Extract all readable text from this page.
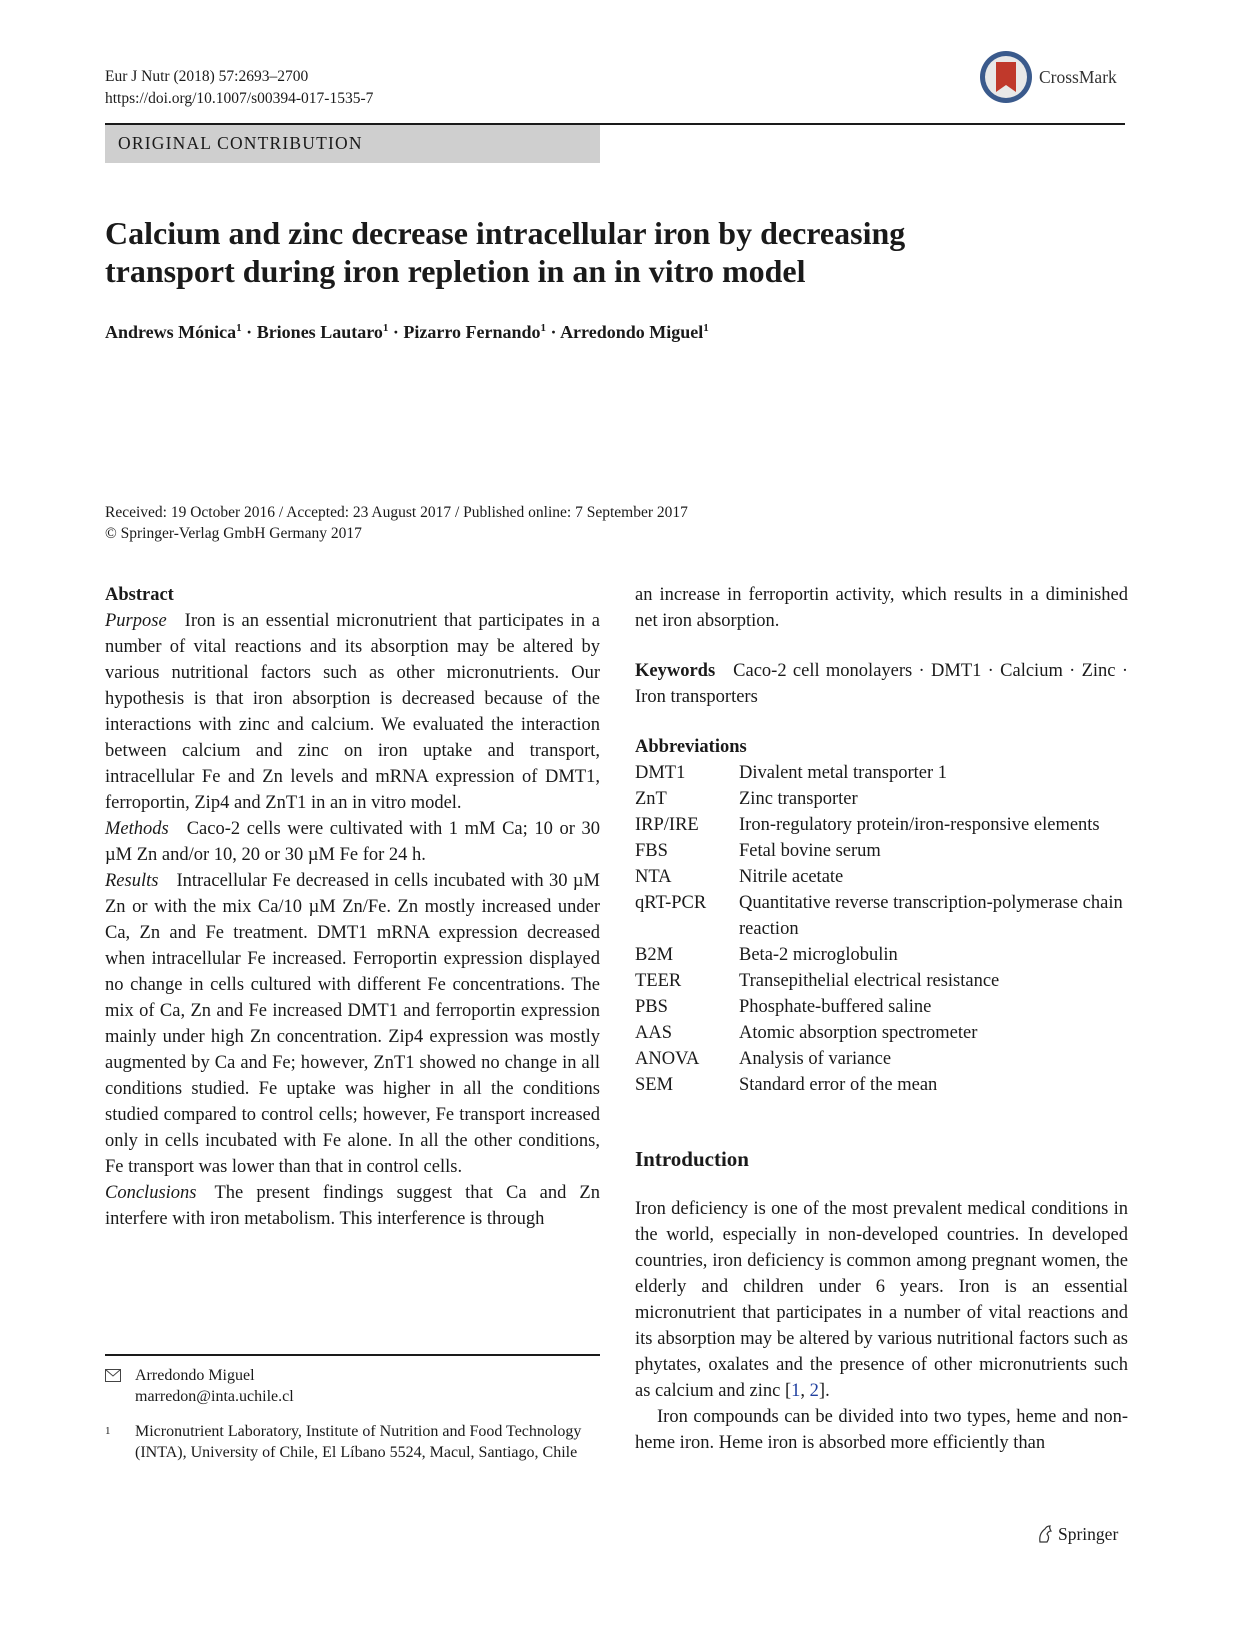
Eur J Nutr (2018) 57:2693–2700
https://doi.org/10.1007/s00394-017-1535-7
CrossMark
ORIGINAL CONTRIBUTION
Calcium and zinc decrease intracellular iron by decreasing
transport during iron repletion in an in vitro model
Andrews Mónica$^1$ · Briones Lautaro$^1$ · Pizarro Fernando$^1$ · Arredondo Miguel$^1$
Received: 19 October 2016 / Accepted: 23 August 2017 / Published online: 7 September 2017
© Springer-Verlag GmbH Germany 2017
Abstract
Purpose Iron is an essential micronutrient that participates in a number of vital reactions and its absorption may be altered by various nutritional factors such as other micronutrients. Our hypothesis is that iron absorption is decreased because of the interactions with zinc and calcium. We evaluated the interaction between calcium and zinc on iron uptake and transport, intracellular Fe and Zn levels and mRNA expression of DMT1, ferroportin, Zip4 and ZnT1 in an in vitro model.
Methods Caco-2 cells were cultivated with 1 mM Ca; 10 or 30 µM Zn and/or 10, 20 or 30 µM Fe for 24 h.
Results Intracellular Fe decreased in cells incubated with 30 µM Zn or with the mix Ca/10 µM Zn/Fe. Zn mostly increased under Ca, Zn and Fe treatment. DMT1 mRNA expression decreased when intracellular Fe increased. Ferroportin expression displayed no change in cells cultured with different Fe concentrations. The mix of Ca, Zn and Fe increased DMT1 and ferroportin expression mainly under high Zn concentration. Zip4 expression was mostly augmented by Ca and Fe; however, ZnT1 showed no change in all conditions studied. Fe uptake was higher in all the conditions studied compared to control cells; however, Fe transport increased only in cells incubated with Fe alone. In all the other conditions, Fe transport was lower than that in control cells.
Conclusions The present findings suggest that Ca and Zn interfere with iron metabolism. This interference is through
an increase in ferroportin activity, which results in a diminished net iron absorption.
Keywords Caco-2 cell monolayers · DMT1 · Calcium · Zinc · Iron transporters
Abbreviations
DMT1	Divalent metal transporter 1
ZnT	Zinc transporter
IRP/IRE	Iron-regulatory protein/iron-responsive elements
FBS	Fetal bovine serum
NTA	Nitrile acetate
qRT-PCR	Quantitative reverse transcription-polymerase chain reaction
B2M	Beta-2 microglobulin
TEER	Transepithelial electrical resistance
PBS	Phosphate-buffered saline
AAS	Atomic absorption spectrometer
ANOVA	Analysis of variance
SEM	Standard error of the mean
Introduction
Iron deficiency is one of the most prevalent medical conditions in the world, especially in non-developed countries. In developed countries, iron deficiency is common among pregnant women, the elderly and children under 6 years. Iron is an essential micronutrient that participates in a number of vital reactions and its absorption may be altered by various nutritional factors such as phytates, oxalates and the presence of other micronutrients such as calcium and zinc [1, 2].
Iron compounds can be divided into two types, heme and non-heme iron. Heme iron is absorbed more efficiently than
Arredondo Miguel
marredon@inta.uchile.cl
1	Micronutrient Laboratory, Institute of Nutrition and Food Technology (INTA), University of Chile, El Líbano 5524, Macul, Santiago, Chile
Springer
